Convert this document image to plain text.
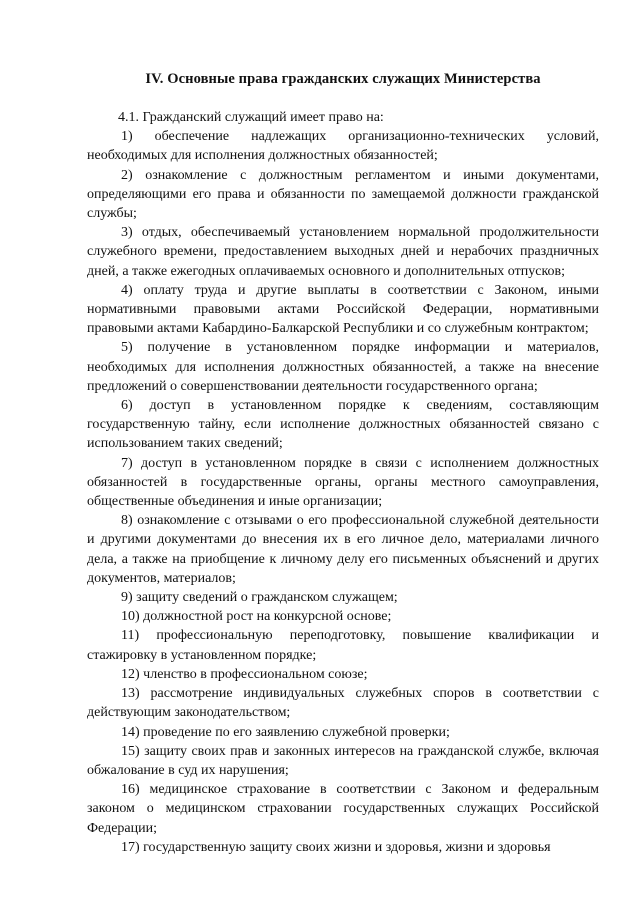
IV. Основные права гражданских служащих Министерства

4.1. Гражданский служащий имеет право на:

1) обеспечение надлежащих организационно-технических условий, необходимых для исполнения должностных обязанностей;

2) ознакомление с должностным регламентом и иными документами, определяющими его права и обязанности по замещаемой должности гражданской службы;

3) отдых, обеспечиваемый установлением нормальной продолжительности служебного времени, предоставлением выходных дней и нерабочих праздничных дней, а также ежегодных оплачиваемых основного и дополнительных отпусков;

4) оплату труда и другие выплаты в соответствии с Законом, иными нормативными правовыми актами Российской Федерации, нормативными правовыми актами Кабардино-Балкарской Республики и со служебным контрактом;

5) получение в установленном порядке информации и материалов, необходимых для исполнения должностных обязанностей, а также на внесение предложений о совершенствовании деятельности государственного органа;

6) доступ в установленном порядке к сведениям, составляющим государственную тайну, если исполнение должностных обязанностей связано с использованием таких сведений;

7) доступ в установленном порядке в связи с исполнением должностных обязанностей в государственные органы, органы местного самоуправления, общественные объединения и иные организации;

8) ознакомление с отзывами о его профессиональной служебной деятельности и другими документами до внесения их в его личное дело, материалами личного дела, а также на приобщение к личному делу его письменных объяснений и других документов, материалов;

9) защиту сведений о гражданском служащем;

10) должностной рост на конкурсной основе;

11) профессиональную переподготовку, повышение квалификации и стажировку в установленном порядке;

12) членство в профессиональном союзе;

13) рассмотрение индивидуальных служебных споров в соответствии с действующим законодательством;

14) проведение по его заявлению служебной проверки;

15) защиту своих прав и законных интересов на гражданской службе, включая обжалование в суд их нарушения;

16) медицинское страхование в соответствии с Законом и федеральным законом о медицинском страховании государственных служащих Российской Федерации;

17) государственную защиту своих жизни и здоровья, жизни и здоровья
